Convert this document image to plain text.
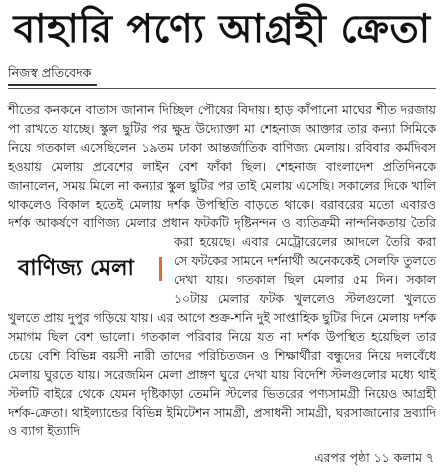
বাহারি পণ্যে আগ্রহী ক্রেতা
নিজস্ব প্রতিবেদক

শীতের কনকনে বাতাস জানান দিচ্ছিল পৌষের বিদায়। হাড় কাঁপানো মাঘের শীত দরজায় পা রাখতে যাচ্ছে। স্কুল ছুটির পর ক্ষুদ্র উদ্যোক্তা মা শেহনাজ আক্তার তার কন্যা সিমিকে নিয়ে গতকাল এসেছিলেন ১৯তম ঢাকা আন্তর্জাতিক বাণিজ্য মেলায়। রবিবার কর্মদিবস হওয়ায় মেলায় প্রবেশের লাইন বেশ ফাঁকা ছিল। শেহনাজ বাংলাদেশ প্রতিদিনকে জানালেন, সময় মিলে না কন্যার স্কুল ছুটির পর তাই মেলায় এসেছি। সকালের দিকে খালি থাকলেও বিকাল হতেই মেলায় দর্শক উপস্থিতি বাড়তে থাকে। বরাবরের মতো এবারও দর্শক আকর্ষণে বাণিজ্য মেলার প্রধান ফটকটি দৃষ্টিনন্দন ও ব্যতিক্রমী
বাণিজ্য মেলা
নান্দনিকতায় তৈরি করা হয়েছে। এবার মেট্রোরেলের আদলে তৈরি করা সে ফটকের সামনে দর্শনার্থী অনেককেই সেলফি তুলতে দেখা যায়। গতকাল ছিল মেলার ৫ম দিন। সকাল ১০টায় মেলার ফটক খুললেও স্টলগুলো খুলতে খুলতে প্রায় দুপুর গড়িয়ে যায়। এর আগে শুক্র-শনি দুই সাপ্তাহিক ছুটির দিনে মেলায় দর্শক সমাগম ছিল বেশ ভালো। গতকাল পরিবার নিয়ে যত না দর্শক উপস্থিত হয়েছিল তার চেয়ে বেশি বিভিন্ন বয়সী নারী তাদের পরিচিতজন ও শিক্ষার্থীরা বন্ধুদের নিয়ে দলবেঁধে মেলায় ঘুরতে যায়। সরেজমিন মেলা প্রাঙ্গণ ঘুরে দেখা যায় বিদেশি স্টলগুলোর মধ্যে থাই স্টলটি বাইরে থেকে যেমন দৃষ্টিকাড়া তেমনি স্টলের ভিতরের পণ্যসামগ্রী নিয়েও আগ্রহী দর্শক-ক্রেতা। থাইল্যান্ডের বিভিন্ন ইমিটেশন সামগ্রী, প্রসাধনী সামগ্রী, ঘরসাজানোর দ্রব্যাদি ও ব্যাগ ইত্যাদি

এরপর পৃষ্ঠা ১১ কলাম ৭
